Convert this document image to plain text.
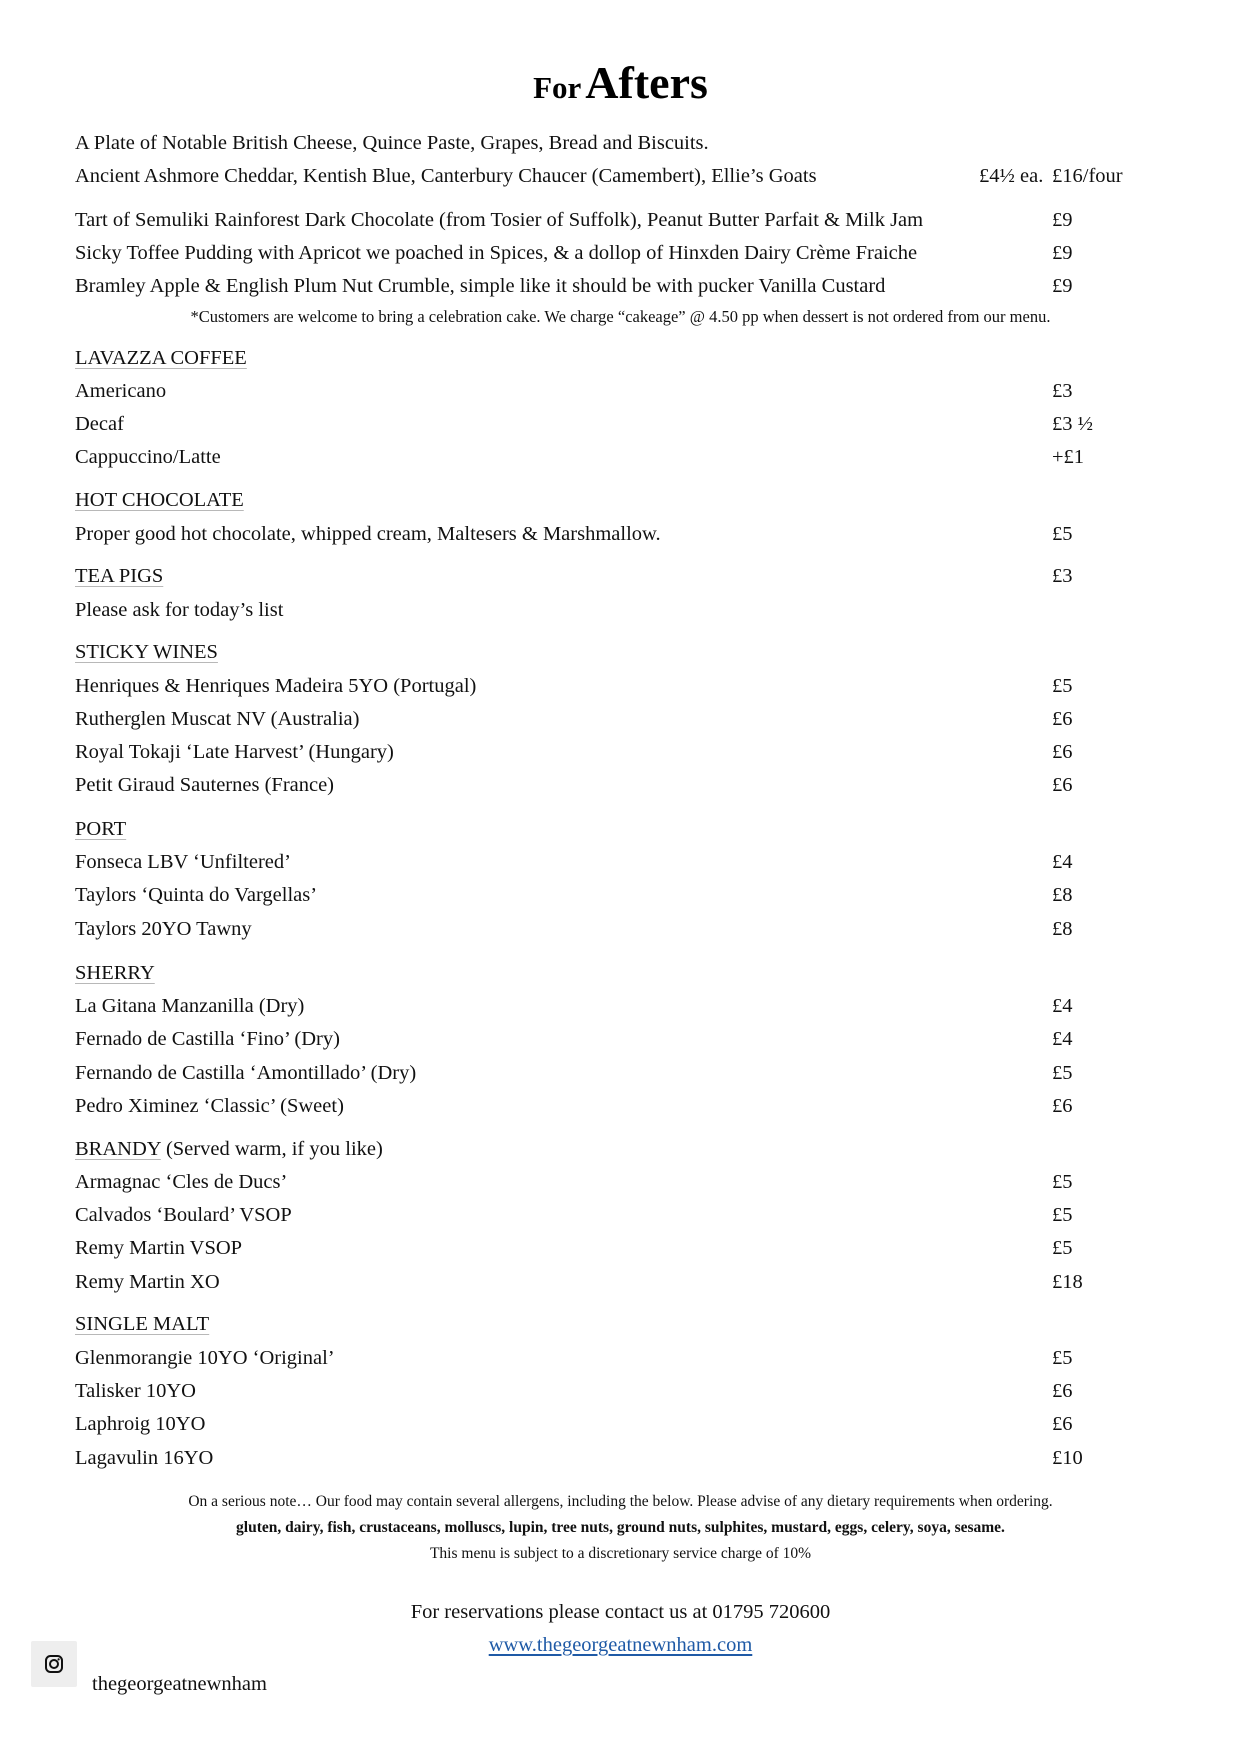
For Afters
A Plate of Notable British Cheese, Quince Paste, Grapes, Bread and Biscuits.
Ancient Ashmore Cheddar, Kentish Blue, Canterbury Chaucer (Camembert), Ellie’s Goats	£4½ ea. £16/four
Tart of Semuliki Rainforest Dark Chocolate (from Tosier of Suffolk), Peanut Butter Parfait & Milk Jam	£9
Sicky Toffee Pudding with Apricot we poached in Spices, & a dollop of Hinxden Dairy Crème Fraiche	£9
Bramley Apple & English Plum Nut Crumble, simple like it should be with pucker Vanilla Custard	£9
*Customers are welcome to bring a celebration cake. We charge “cakeage” @ 4.50 pp when dessert is not ordered from our menu.
LAVAZZA COFFEE
Americano	£3
Decaf	£3 ½
Cappuccino/Latte	+£1
HOT CHOCOLATE
Proper good hot chocolate, whipped cream, Maltesers & Marshmallow.	£5
TEA PIGS	£3
Please ask for today’s list
STICKY WINES
Henriques & Henriques Madeira 5YO (Portugal)	£5
Rutherglen Muscat NV (Australia)	£6
Royal Tokaji ‘Late Harvest’ (Hungary)	£6
Petit Giraud Sauternes (France)	£6
PORT
Fonseca LBV ‘Unfiltered’	£4
Taylors ‘Quinta do Vargellas’	£8
Taylors 20YO Tawny	£8
SHERRY
La Gitana Manzanilla (Dry)	£4
Fernado de Castilla ‘Fino’ (Dry)	£4
Fernando de Castilla ‘Amontillado’ (Dry)	£5
Pedro Ximinez ‘Classic’ (Sweet)	£6
BRANDY (Served warm, if you like)
Armagnac ‘Cles de Ducs’	£5
Calvados ‘Boulard’ VSOP	£5
Remy Martin VSOP	£5
Remy Martin XO	£18
SINGLE MALT
Glenmorangie 10YO ‘Original’	£5
Talisker 10YO	£6
Laphroig 10YO	£6
Lagavulin 16YO	£10
On a serious note… Our food may contain several allergens, including the below. Please advise of any dietary requirements when ordering.
gluten, dairy, fish, crustaceans, molluscs, lupin, tree nuts, ground nuts, sulphites, mustard, eggs, celery, soya, sesame.
This menu is subject to a discretionary service charge of 10%
For reservations please contact us at 01795 720600
www.thegeorgeatnewnham.com
thegeorgeatnewnham
